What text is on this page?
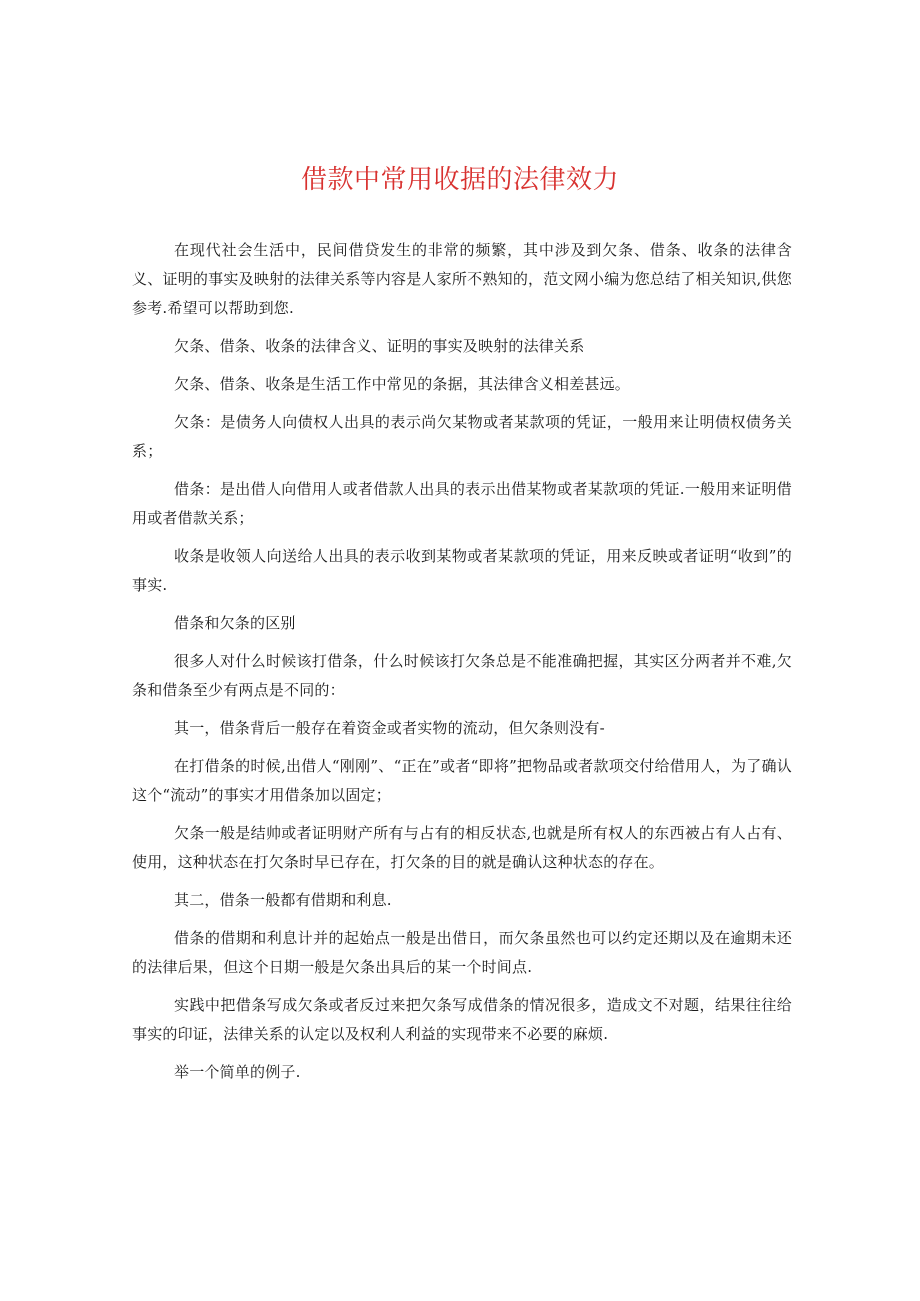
借款中常用收据的法律效力

在现代社会生活中，民间借贷发生的非常的频繁，其中涉及到欠条、借条、收条的法律含义、证明的事实及映射的法律关系等内容是人家所不熟知的，范文网小编为您总结了相关知识,供您参考.希望可以帮助到您.

欠条、借条、收条的法律含义、证明的事实及映射的法律关系

欠条、借条、收条是生活工作中常见的条据，其法律含义相差甚远。

欠条：是债务人向债权人出具的表示尚欠某物或者某款项的凭证，一般用来让明债权债务关系；

借条：是出借人向借用人或者借款人出具的表示出借某物或者某款项的凭证.一般用来证明借用或者借款关系；

收条是收领人向送给人出具的表示收到某物或者某款项的凭证，用来反映或者证明“收到”的事实.

借条和欠条的区别

很多人对什么时候该打借条，什么时候该打欠条总是不能准确把握，其实区分两者并不难,欠条和借条至少有两点是不同的：

其一，借条背后一般存在着资金或者实物的流动，但欠条则没有-

在打借条的时候,出借人“刚刚”、“正在”或者“即将”把物品或者款项交付给借用人，为了确认这个“流动”的事实才用借条加以固定；

欠条一般是结帅或者证明财产所有与占有的相反状态,也就是所有权人的东西被占有人占有、使用，这种状态在打欠条时早已存在，打欠条的目的就是确认这种状态的存在。

其二，借条一般都有借期和利息.

借条的借期和利息计并的起始点一般是出借日，而欠条虽然也可以约定还期以及在逾期未还的法律后果，但这个日期一般是欠条出具后的某一个时间点.

实践中把借条写成欠条或者反过来把欠条写成借条的情况很多，造成文不对题，结果往往给事实的印证，法律关系的认定以及权利人利益的实现带来不必要的麻烦.

举一个简单的例子.
